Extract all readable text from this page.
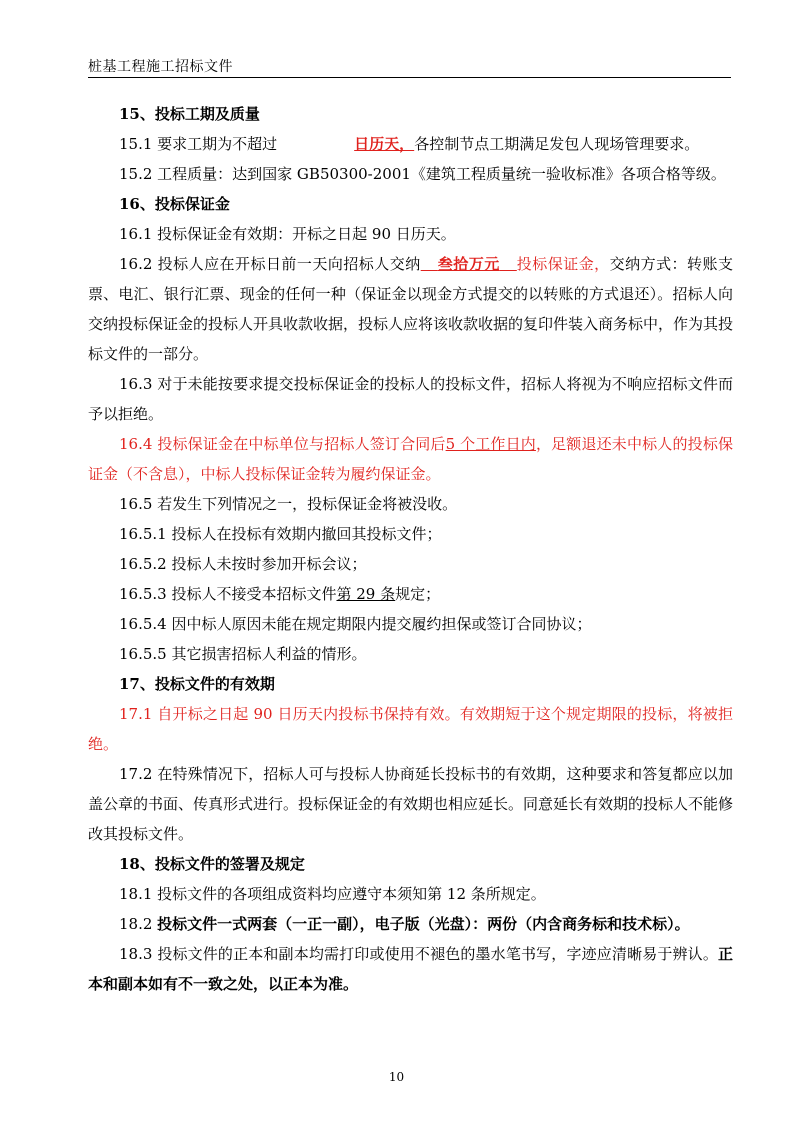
桩基工程施工招标文件

15、投标工期及质量

15.1 要求工期为不超过	日历天，各控制节点工期满足发包人现场管理要求。

15.2 工程质量：达到国家 GB50300-2001《建筑工程质量统一验收标准》各项合格等级。

16、投标保证金

16.1 投标保证金有效期：开标之日起 90 日历天。

16.2 投标人应在开标日前一天向招标人交纳 叁拾万元 投标保证金，交纳方式：转账支票、电汇、银行汇票、现金的任何一种（保证金以现金方式提交的以转账的方式退还）。招标人向交纳投标保证金的投标人开具收款收据，投标人应将该收款收据的复印件装入商务标中，作为其投标文件的一部分。

16.3 对于未能按要求提交投标保证金的投标人的投标文件，招标人将视为不响应招标文件而予以拒绝。

16.4 投标保证金在中标单位与招标人签订合同后5 个工作日内，足额退还未中标人的投标保证金（不含息），中标人投标保证金转为履约保证金。

16.5 若发生下列情况之一，投标保证金将被没收。

16.5.1 投标人在投标有效期内撤回其投标文件；

16.5.2 投标人未按时参加开标会议；

16.5.3 投标人不接受本招标文件第 29 条规定；

16.5.4 因中标人原因未能在规定期限内提交履约担保或签订合同协议；

16.5.5 其它损害招标人利益的情形。

17、投标文件的有效期

17.1 自开标之日起 90 日历天内投标书保持有效。有效期短于这个规定期限的投标，将被拒绝。

17.2 在特殊情况下，招标人可与投标人协商延长投标书的有效期，这种要求和答复都应以加盖公章的书面、传真形式进行。投标保证金的有效期也相应延长。同意延长有效期的投标人不能修改其投标文件。

18、投标文件的签署及规定

18.1 投标文件的各项组成资料均应遵守本须知第 12 条所规定。

18.2 投标文件一式两套（一正一副），电子版（光盘）：两份（内含商务标和技术标）。

18.3 投标文件的正本和副本均需打印或使用不褪色的墨水笔书写，字迹应清晰易于辨认。正本和副本如有不一致之处，以正本为准。

10
